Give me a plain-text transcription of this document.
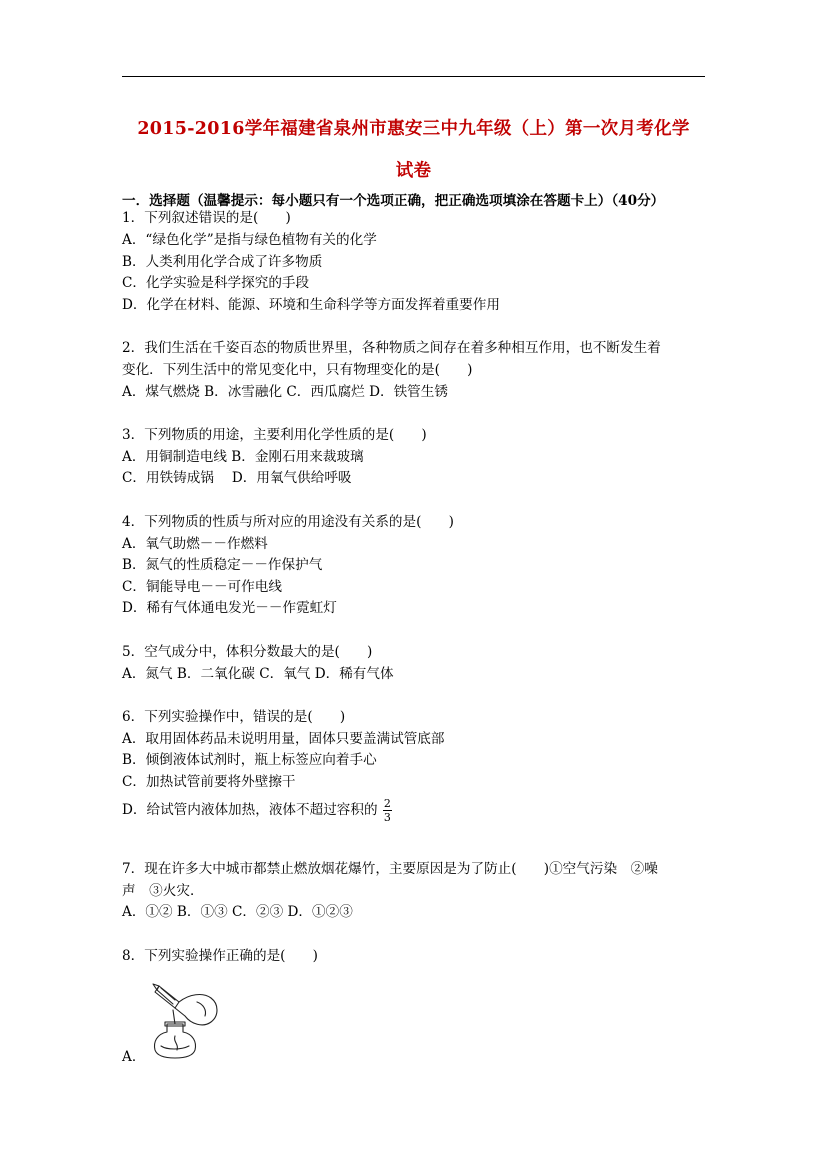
2015-2016学年福建省泉州市惠安三中九年级（上）第一次月考化学
试卷
一．选择题（温馨提示：每小题只有一个选项正确，把正确选项填涂在答题卡上）（40分）
1．下列叙述错误的是(　　)
A．“绿色化学”是指与绿色植物有关的化学
B．人类利用化学合成了许多物质
C．化学实验是科学探究的手段
D．化学在材料、能源、环境和生命科学等方面发挥着重要作用
2．我们生活在千姿百态的物质世界里，各种物质之间存在着多种相互作用，也不断发生着
变化．下列生活中的常见变化中，只有物理变化的是(　　)
A．煤气燃烧 B．冰雪融化 C．西瓜腐烂 D．铁管生锈
3．下列物质的用途，主要利用化学性质的是(　　)
A．用铜制造电线 B．金刚石用来裁玻璃
C．用铁铸成锅　 D．用氧气供给呼吸
4．下列物质的性质与所对应的用途没有关系的是(　　)
A．氧气助燃－－作燃料
B．氮气的性质稳定－－作保护气
C．铜能导电－－可作电线
D．稀有气体通电发光－－作霓虹灯
5．空气成分中，体积分数最大的是(　　)
A．氮气 B．二氧化碳 C．氧气 D．稀有气体
6．下列实验操作中，错误的是(　　)
A．取用固体药品未说明用量，固体只要盖满试管底部
B．倾倒液体试剂时，瓶上标签应向着手心
C．加热试管前要将外壁擦干
D．给试管内液体加热，液体不超过容积的 $\frac{2}{3}$
7．现在许多大中城市都禁止燃放烟花爆竹，主要原因是为了防止(　　)①空气污染　②噪
声　③火灾．
A．①② B．①③ C．②③ D．①②③
8．下列实验操作正确的是(　　)
A．
